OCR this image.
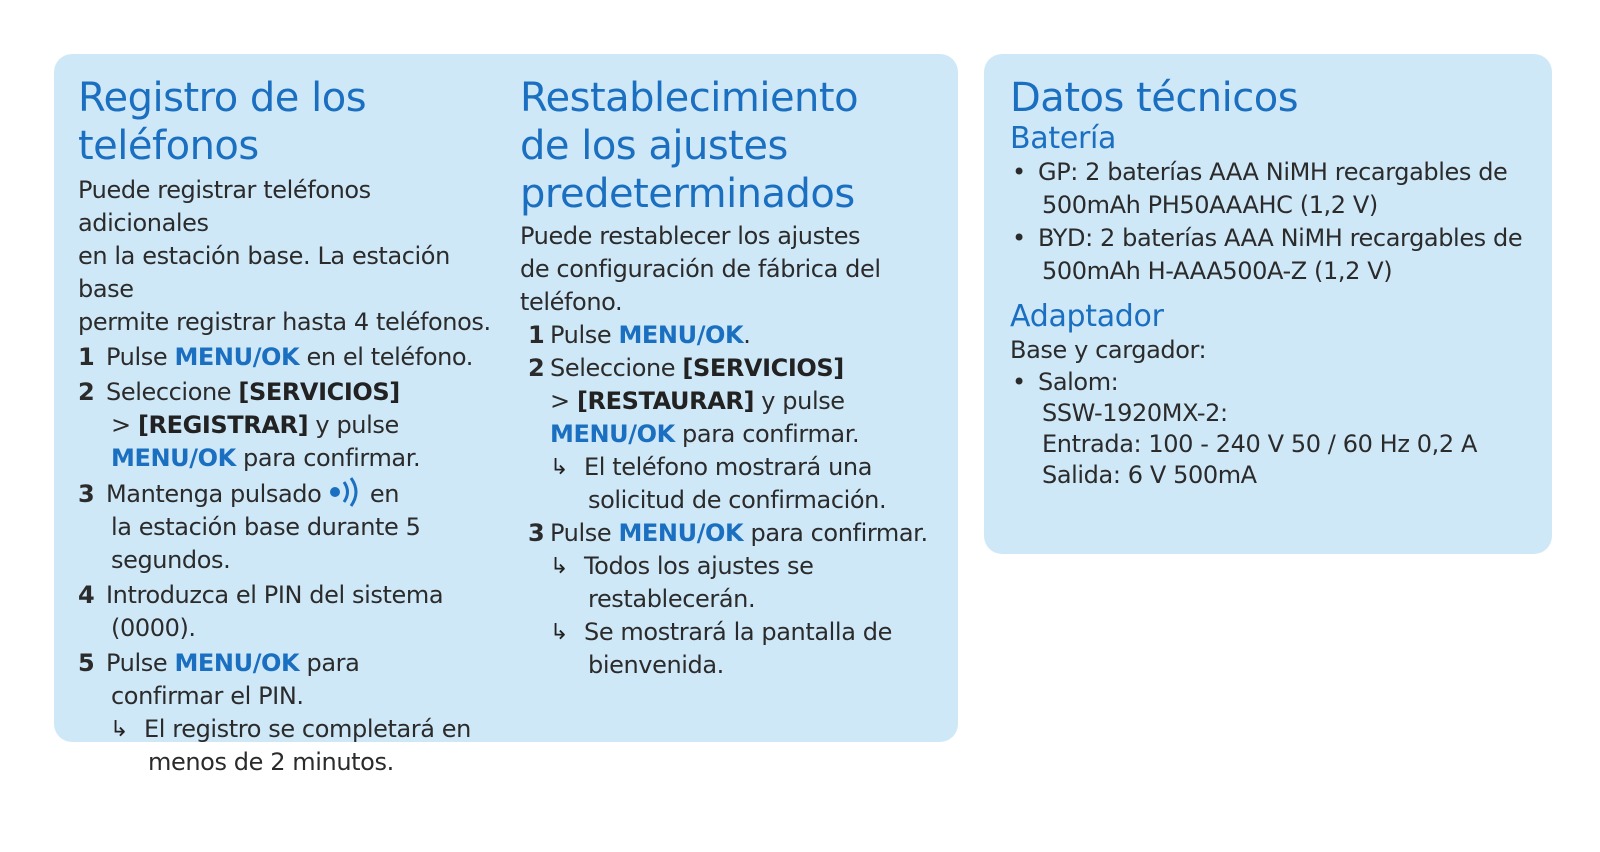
Registro de los
teléfonos
Puede registrar teléfonos adicionales
en la estación base. La estación base
permite registrar hasta 4 teléfonos.
1 Pulse MENU/OK en el teléfono.
2 Seleccione [SERVICIOS]
> [REGISTRAR] y pulse
MENU/OK para confirmar.
3 Mantenga pulsado  en
la estación base durante 5
segundos.
4 Introduzca el PIN del sistema
(0000).
5 Pulse MENU/OK para
confirmar el PIN.
↳ El registro se completará en
menos de 2 minutos.
Restablecimiento
de los ajustes
predeterminados
Puede restablecer los ajustes
de configuración de fábrica del
teléfono.
1 Pulse MENU/OK.
2 Seleccione [SERVICIOS]
> [RESTAURAR] y pulse
MENU/OK para confirmar.
↳ El teléfono mostrará una
solicitud de confirmación.
3 Pulse MENU/OK para confirmar.
↳ Todos los ajustes se
restablecerán.
↳ Se mostrará la pantalla de
bienvenida.
Datos técnicos
Batería
• GP: 2 baterías AAA NiMH recargables de
500mAh PH50AAAHC (1,2 V)
• BYD: 2 baterías AAA NiMH recargables de
500mAh H-AAA500A-Z (1,2 V)
Adaptador
Base y cargador:
• Salom:
SSW-1920MX-2:
Entrada: 100 - 240 V 50 / 60 Hz 0,2 A
Salida: 6 V 500mA
